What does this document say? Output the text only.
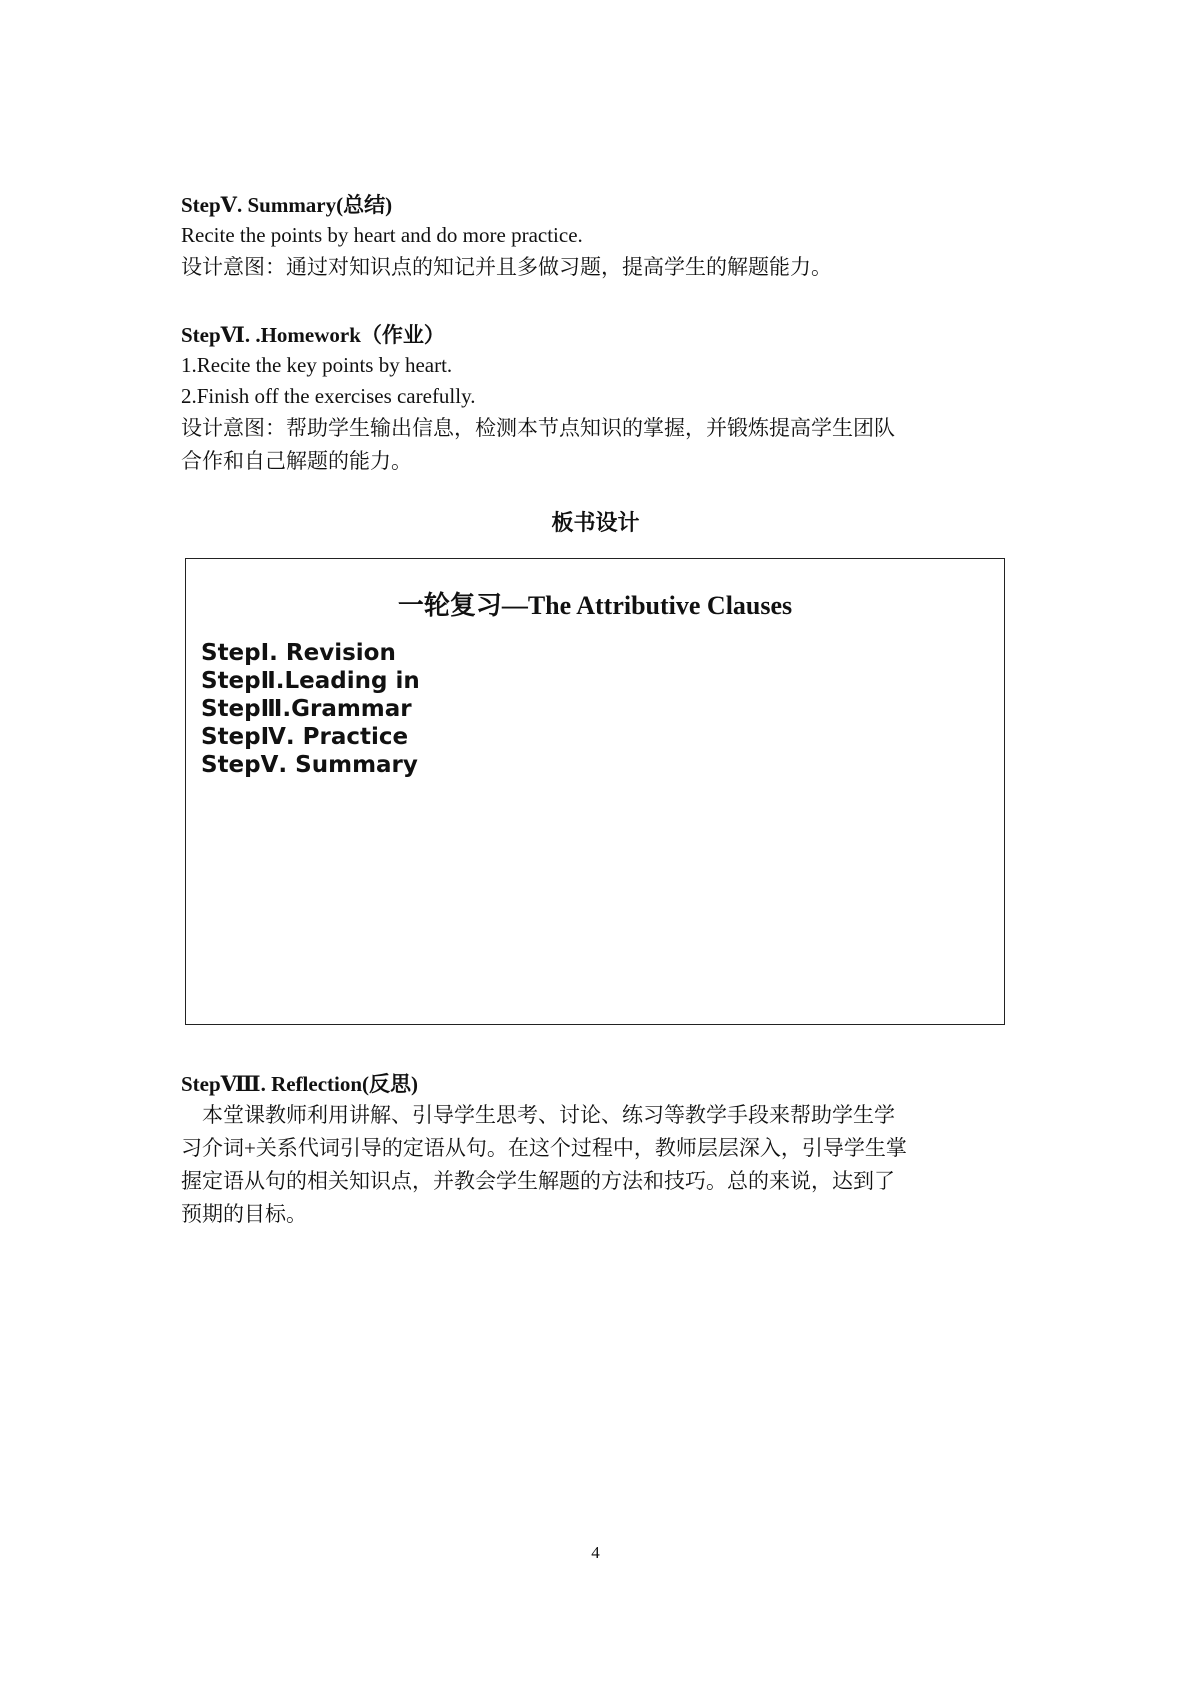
StepⅤ. Summary(总结)

Recite the points by heart and do more practice.

设计意图：通过对知识点的知记并且多做习题，提高学生的解题能力。

StepⅥ. .Homework（作业）

1.Recite the key points by heart.

2.Finish off the exercises carefully.

设计意图：帮助学生输出信息，检测本节点知识的掌握，并锻炼提高学生团队

合作和自己解题的能力。

板书设计
一轮复习—The Attributive Clauses
StepⅠ. Revision
StepⅡ.Leading in
StepⅢ.Grammar
StepⅣ. Practice
StepⅤ. Summary

StepⅧ. Reflection(反思)

本堂课教师利用讲解、引导学生思考、讨论、练习等教学手段来帮助学生学

习介词+关系代词引导的定语从句。在这个过程中，教师层层深入，引导学生掌

握定语从句的相关知识点，并教会学生解题的方法和技巧。总的来说，达到了

预期的目标。

4
